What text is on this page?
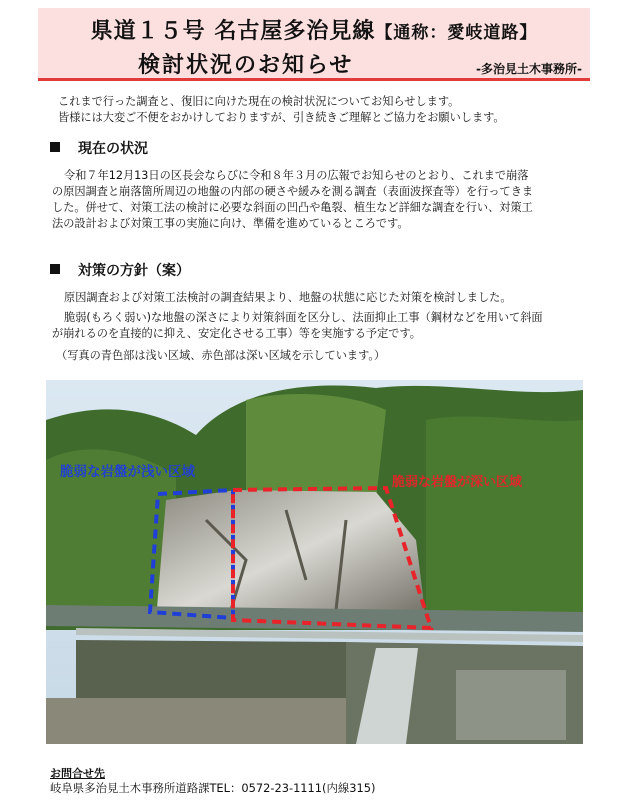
県道１５号 名古屋多治見線【通称：愛岐道路】
検討状況のお知らせ	-多治見土木事務所-
これまで行った調査と、復旧に向けた現在の検討状況についてお知らせします。
皆様には大変ご不便をおかけしておりますが、引き続きご理解とご協力をお願いします。
現在の状況
令和７年12月13日の区長会ならびに令和８年３月の広報でお知らせのとおり、これまで崩落
の原因調査と崩落箇所周辺の地盤の内部の硬さや緩みを測る調査（表面波探査等）を行ってきま
した。併せて、対策工法の検討に必要な斜面の凹凸や亀裂、植生など詳細な調査を行い、対策工
法の設計および対策工事の実施に向け、準備を進めているところです。
対策の方針（案）
原因調査および対策工法検討の調査結果より、地盤の状態に応じた対策を検討しました。
脆弱(もろく弱い)な地盤の深さにより対策斜面を区分し、法面抑止工事（鋼材などを用いて斜面
が崩れるのを直接的に抑え、安定化させる工事）等を実施する予定です。
（写真の青色部は浅い区域、赤色部は深い区域を示しています。）
脆弱な岩盤が浅い区域
脆弱な岩盤が深い区域
お問合せ先
岐阜県多治見土木事務所道路課TEL：0572-23-1111(内線315)
